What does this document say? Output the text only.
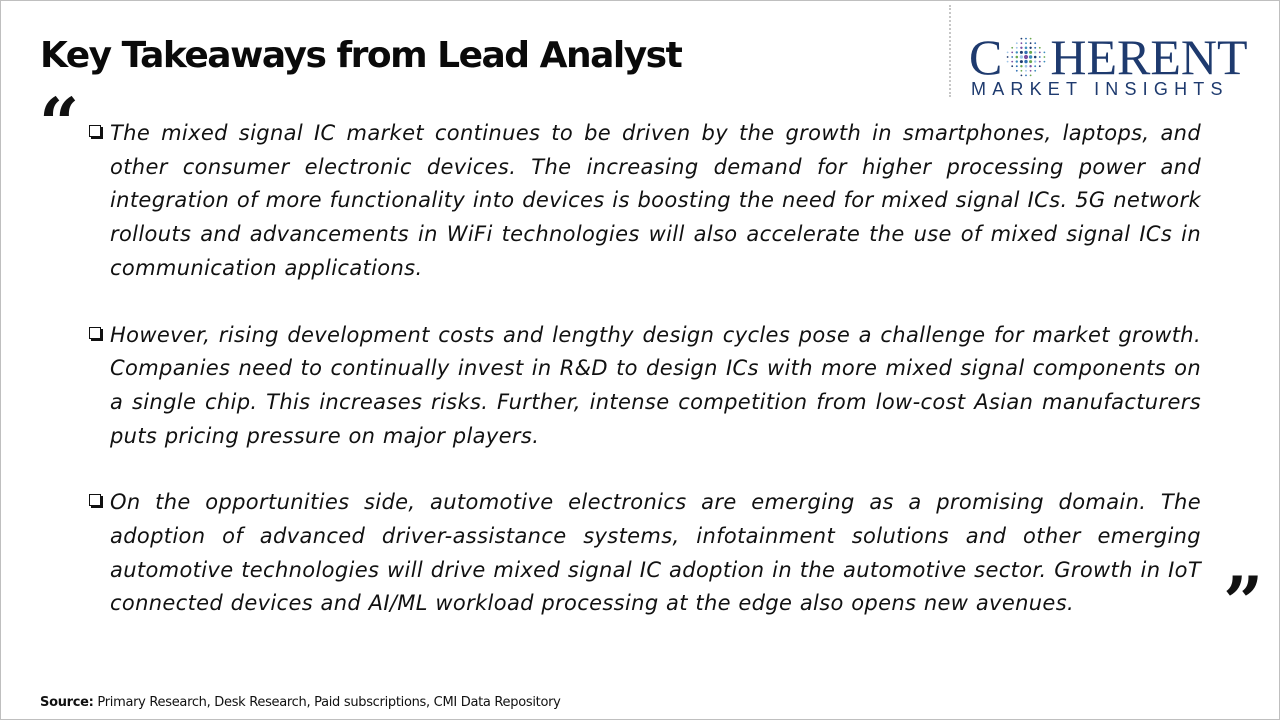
Key Takeaways from Lead Analyst	C HERENT
MARKET INSIGHTS
“ The mixed signal IC market continues to be driven by the growth in smartphones, laptops, and other consumer electronic devices. The increasing demand for higher processing power and integration of more functionality into devices is boosting the need for mixed signal ICs. 5G network rollouts and advancements in WiFi technologies will also accelerate the use of mixed signal ICs in communication applications.

However, rising development costs and lengthy design cycles pose a challenge for market growth. Companies need to continually invest in R&D to design ICs with more mixed signal components on a single chip. This increases risks. Further, intense competition from low-cost Asian manufacturers puts pricing pressure on major players.

On the opportunities side, automotive electronics are emerging as a promising domain. The adoption of advanced driver-assistance systems, infotainment solutions and other emerging automotive technologies will drive mixed signal IC adoption in the automotive sector. Growth in IoT connected devices and AI/ML workload processing at the edge also opens new avenues.	”
Source: Primary Research, Desk Research, Paid subscriptions, CMI Data Repository
